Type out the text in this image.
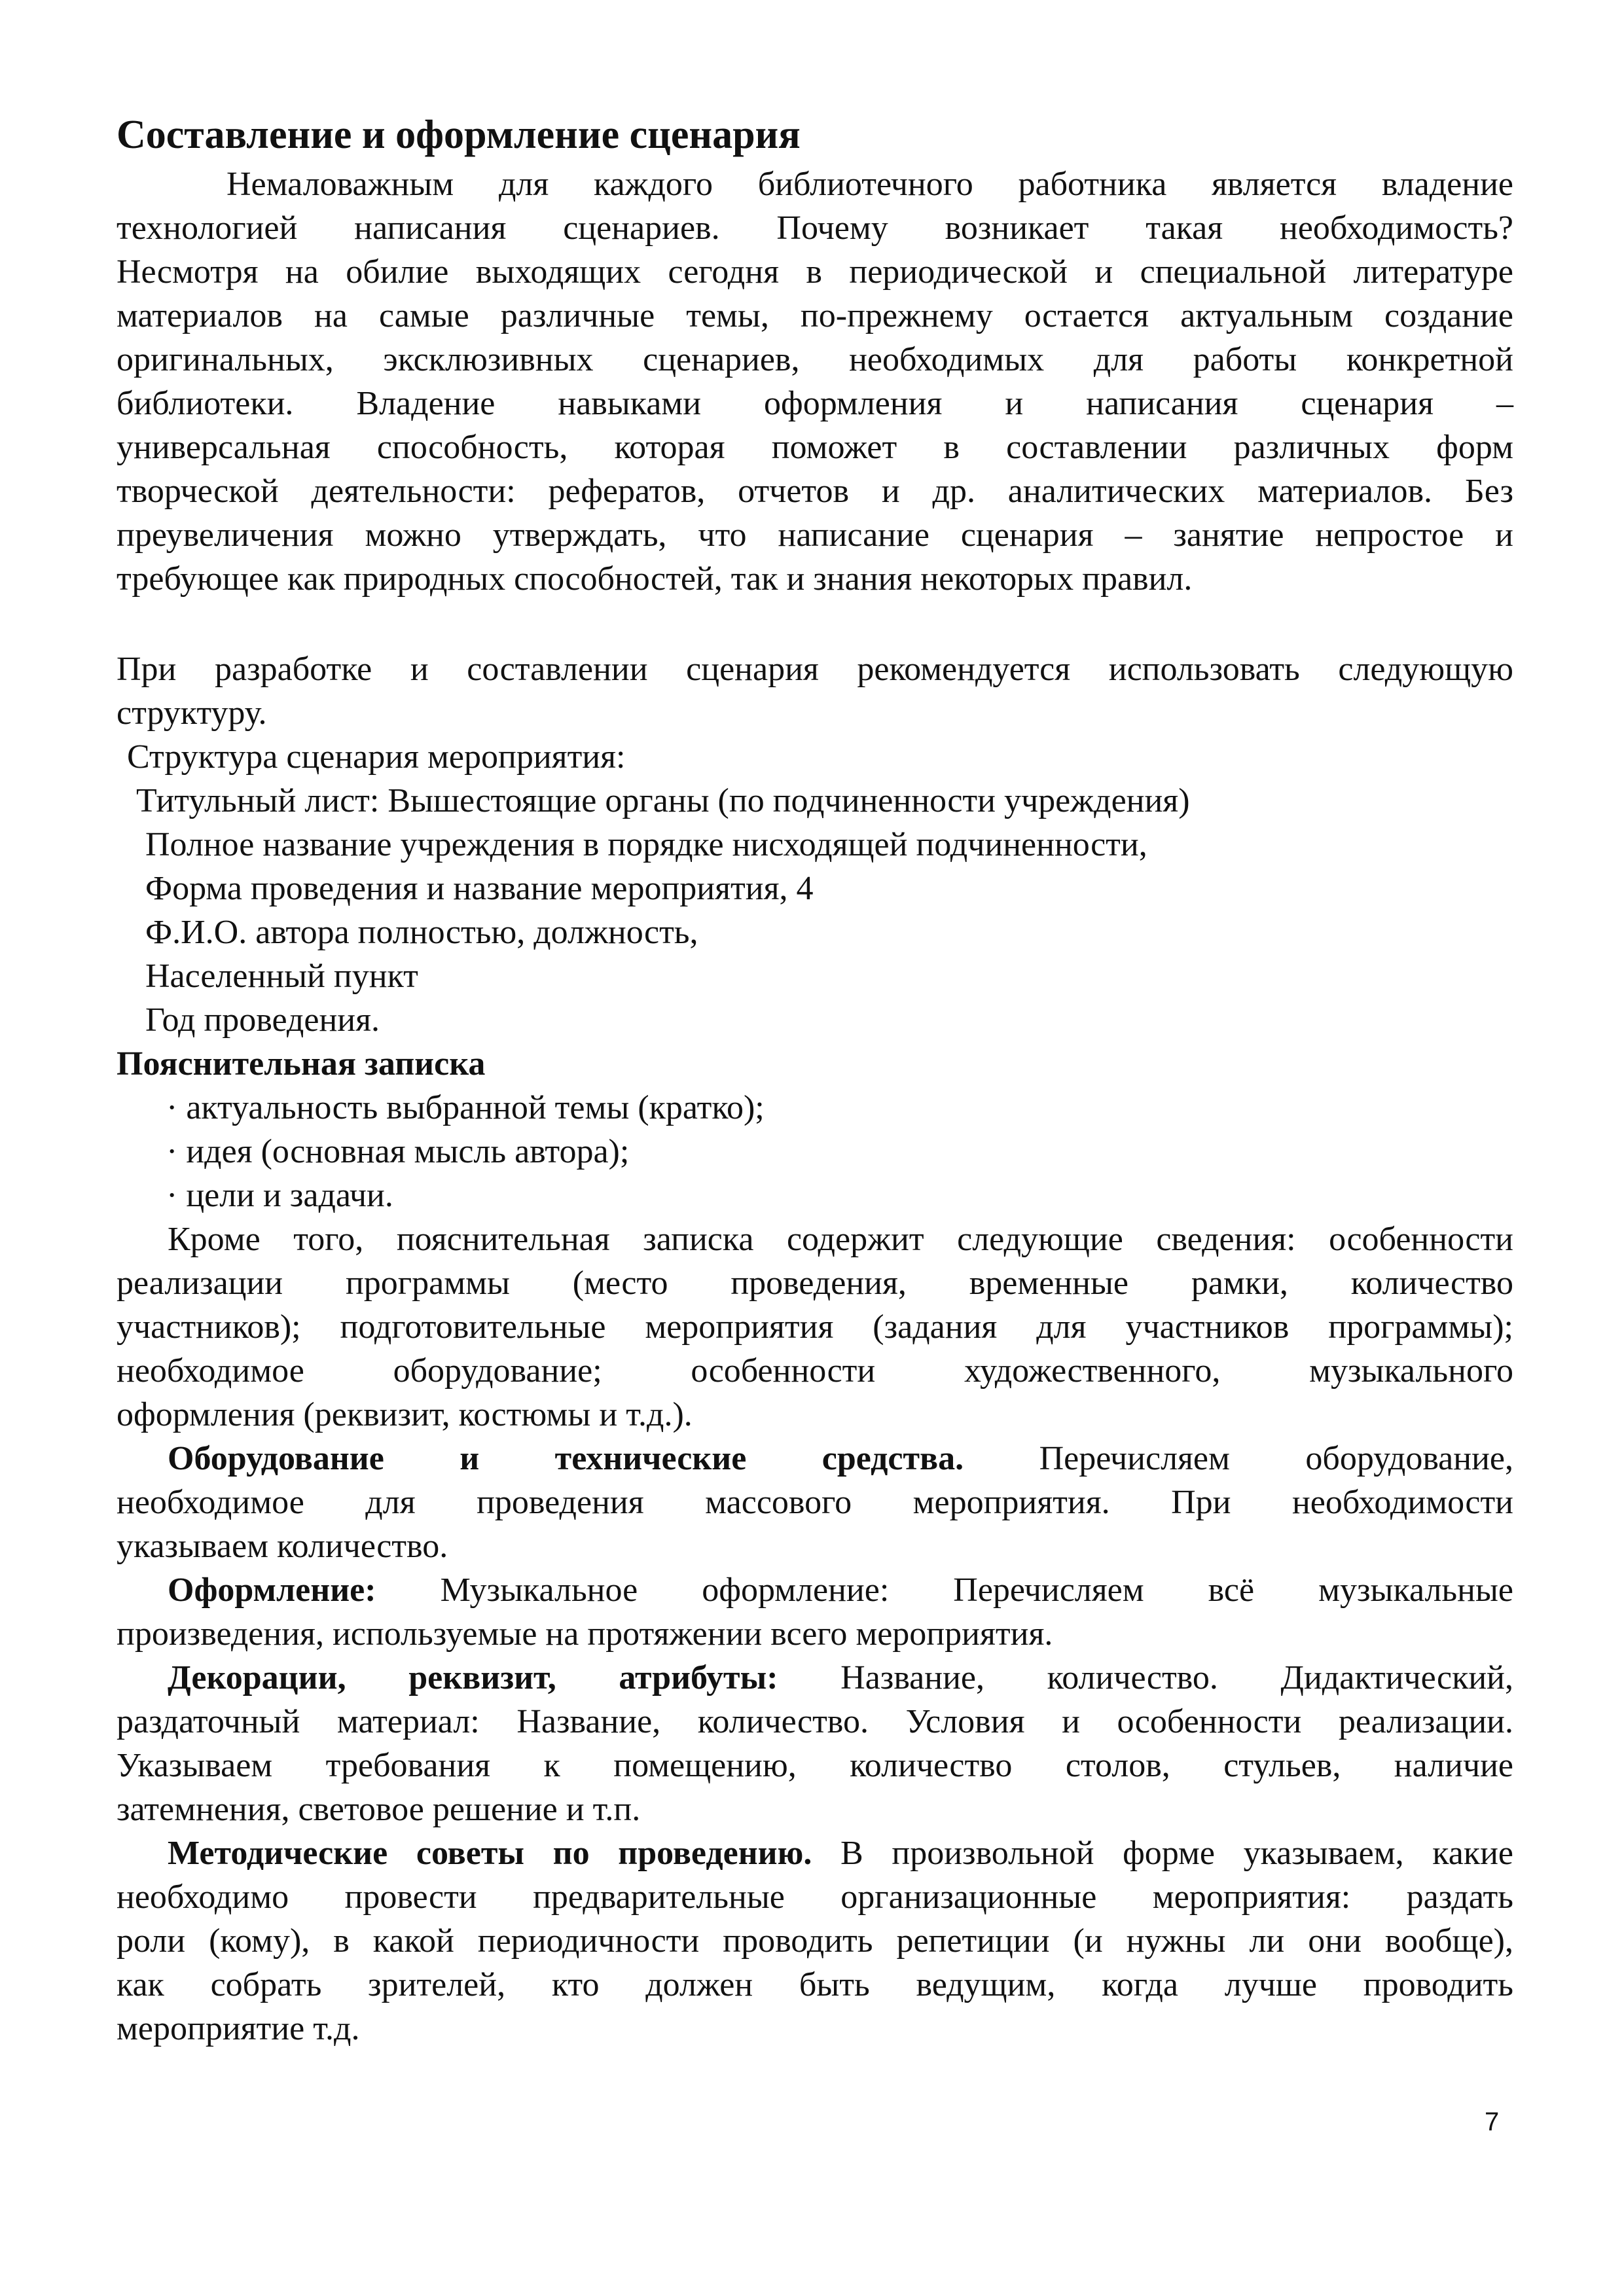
Составление и оформление сценария
Немаловажным для каждого библиотечного работника является владение
технологией написания сценариев. Почему возникает такая необходимость?
Несмотря на обилие выходящих сегодня в периодической и специальной литературе
материалов на самые различные темы, по-прежнему остается актуальным создание
оригинальных, эксклюзивных сценариев, необходимых для работы конкретной
библиотеки. Владение навыками оформления и написания сценария –
универсальная способность, которая поможет в составлении различных форм
творческой деятельности: рефератов, отчетов и др. аналитических материалов. Без
преувеличения можно утверждать, что написание сценария – занятие непростое и
требующее как природных способностей, так и знания некоторых правил.
При разработке и составлении сценария рекомендуется использовать следующую
структуру.
Структура сценария мероприятия:
Титульный лист: Вышестоящие органы (по подчиненности учреждения)
Полное название учреждения в порядке нисходящей подчиненности,
Форма проведения и название мероприятия, 4
Ф.И.О. автора полностью, должность,
Населенный пункт
Год проведения.
Пояснительная записка
· актуальность выбранной темы (кратко);
· идея (основная мысль автора);
· цели и задачи.
Кроме того, пояснительная записка содержит следующие сведения: особенности
реализации программы (место проведения, временные рамки, количество
участников); подготовительные мероприятия (задания для участников программы);
необходимое оборудование; особенности художественного, музыкального
оформления (реквизит, костюмы и т.д.).
Оборудование и технические средства. Перечисляем оборудование,
необходимое для проведения массового мероприятия. При необходимости
указываем количество.
Оформление: Музыкальное оформление: Перечисляем всё музыкальные
произведения, используемые на протяжении всего мероприятия.
Декорации, реквизит, атрибуты: Название, количество. Дидактический,
раздаточный материал: Название, количество. Условия и особенности реализации.
Указываем требования к помещению, количество столов, стульев, наличие
затемнения, световое решение и т.п.
Методические советы по проведению. В произвольной форме указываем, какие
необходимо провести предварительные организационные мероприятия: раздать
роли (кому), в какой периодичности проводить репетиции (и нужны ли они вообще),
как собрать зрителей, кто должен быть ведущим, когда лучше проводить
мероприятие т.д.
7
